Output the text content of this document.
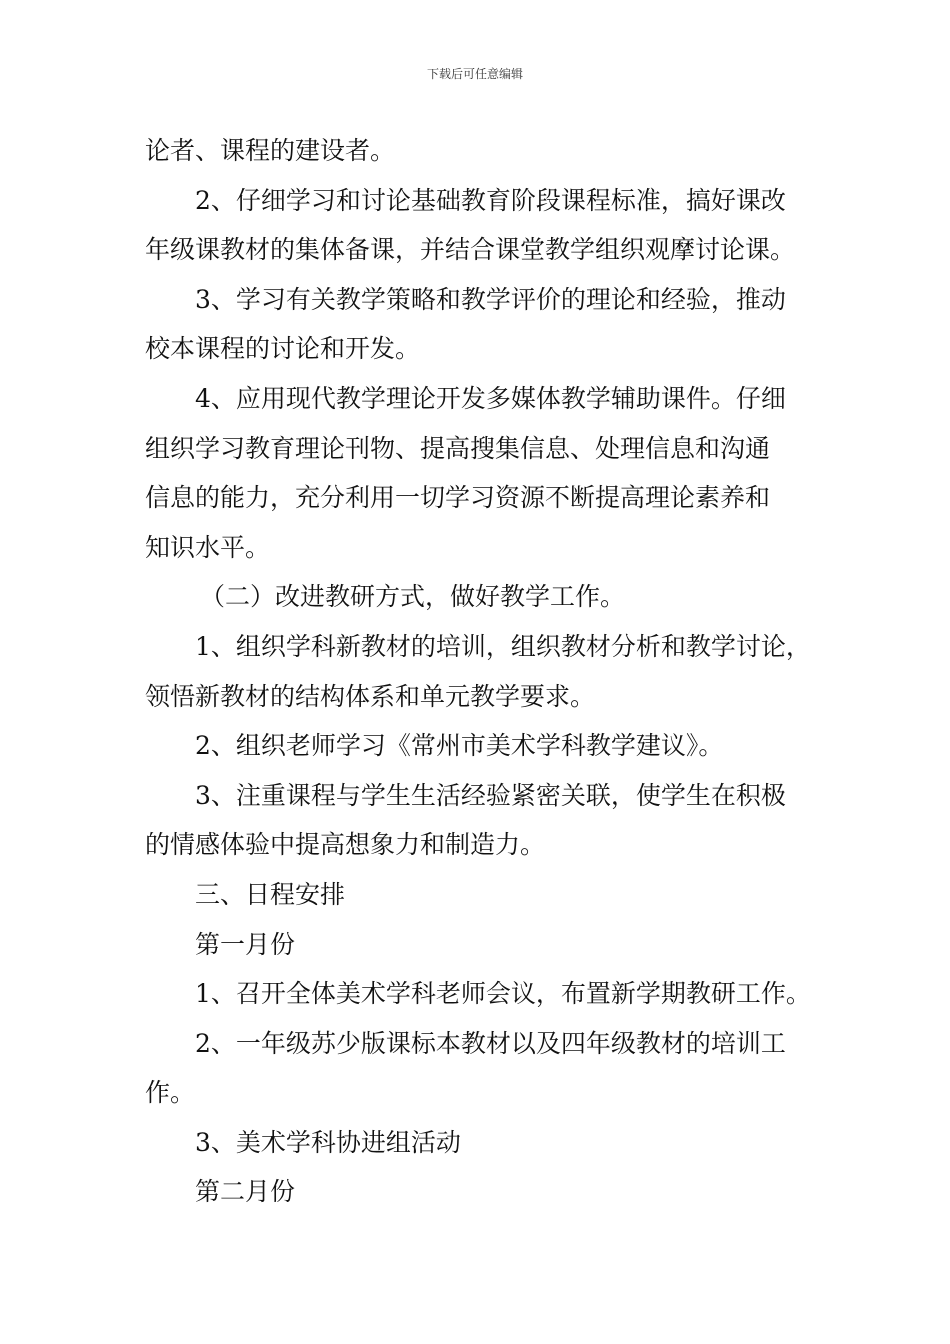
下载后可任意编辑
论者、课程的建设者。
2、仔细学习和讨论基础教育阶段课程标准，搞好课改
年级课教材的集体备课，并结合课堂教学组织观摩讨论课。
3、学习有关教学策略和教学评价的理论和经验，推动
校本课程的讨论和开发。
4、应用现代教学理论开发多媒体教学辅助课件。仔细
组织学习教育理论刊物、提高搜集信息、处理信息和沟通
信息的能力，充分利用一切学习资源不断提高理论素养和
知识水平。
（二）改进教研方式，做好教学工作。
1、组织学科新教材的培训，组织教材分析和教学讨论，
领悟新教材的结构体系和单元教学要求。
2、组织老师学习《常州市美术学科教学建议》。
3、注重课程与学生生活经验紧密关联，使学生在积极
的情感体验中提高想象力和制造力。
三、日程安排
第一月份
1、召开全体美术学科老师会议，布置新学期教研工作。
2、一年级苏少版课标本教材以及四年级教材的培训工
作。
3、美术学科协进组活动
第二月份
